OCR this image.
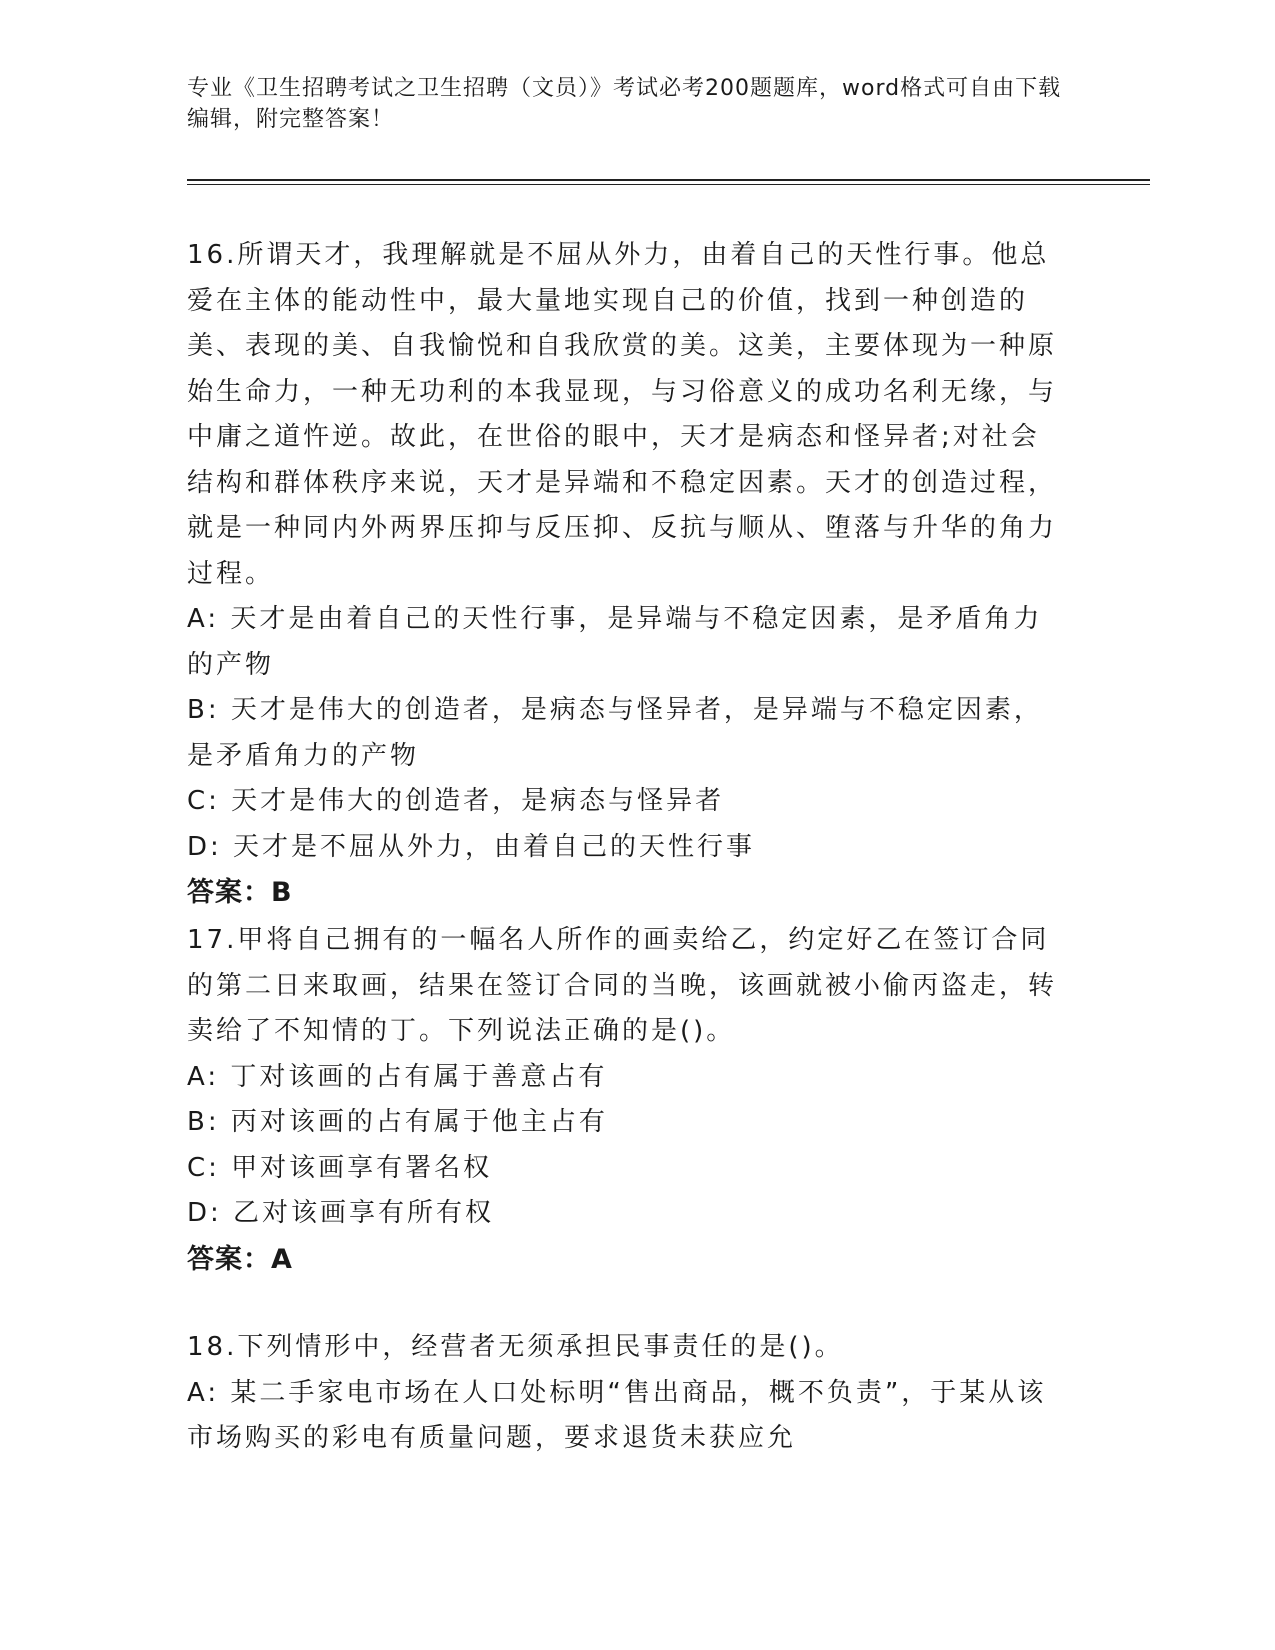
专业《卫生招聘考试之卫生招聘（文员）》考试必考200题题库，word格式可自由下载编辑，附完整答案！
16.所谓天才，我理解就是不屈从外力，由着自己的天性行事。他总爱在主体的能动性中，最大量地实现自己的价值，找到一种创造的美、表现的美、自我愉悦和自我欣赏的美。这美，主要体现为一种原始生命力，一种无功利的本我显现，与习俗意义的成功名利无缘，与中庸之道忤逆。故此，在世俗的眼中，天才是病态和怪异者;对社会结构和群体秩序来说，天才是异端和不稳定因素。天才的创造过程，就是一种同内外两界压抑与反压抑、反抗与顺从、堕落与升华的角力过程。
A: 天才是由着自己的天性行事，是异端与不稳定因素，是矛盾角力的产物
B: 天才是伟大的创造者，是病态与怪异者，是异端与不稳定因素，是矛盾角力的产物
C: 天才是伟大的创造者，是病态与怪异者
D: 天才是不屈从外力，由着自己的天性行事
答案：B
17.甲将自己拥有的一幅名人所作的画卖给乙，约定好乙在签订合同的第二日来取画，结果在签订合同的当晚，该画就被小偷丙盗走，转卖给了不知情的丁。下列说法正确的是()。
A: 丁对该画的占有属于善意占有
B: 丙对该画的占有属于他主占有
C: 甲对该画享有署名权
D: 乙对该画享有所有权
答案：A
18.下列情形中，经营者无须承担民事责任的是()。
A: 某二手家电市场在人口处标明“售出商品，概不负责”，于某从该市场购买的彩电有质量问题，要求退货未获应允
